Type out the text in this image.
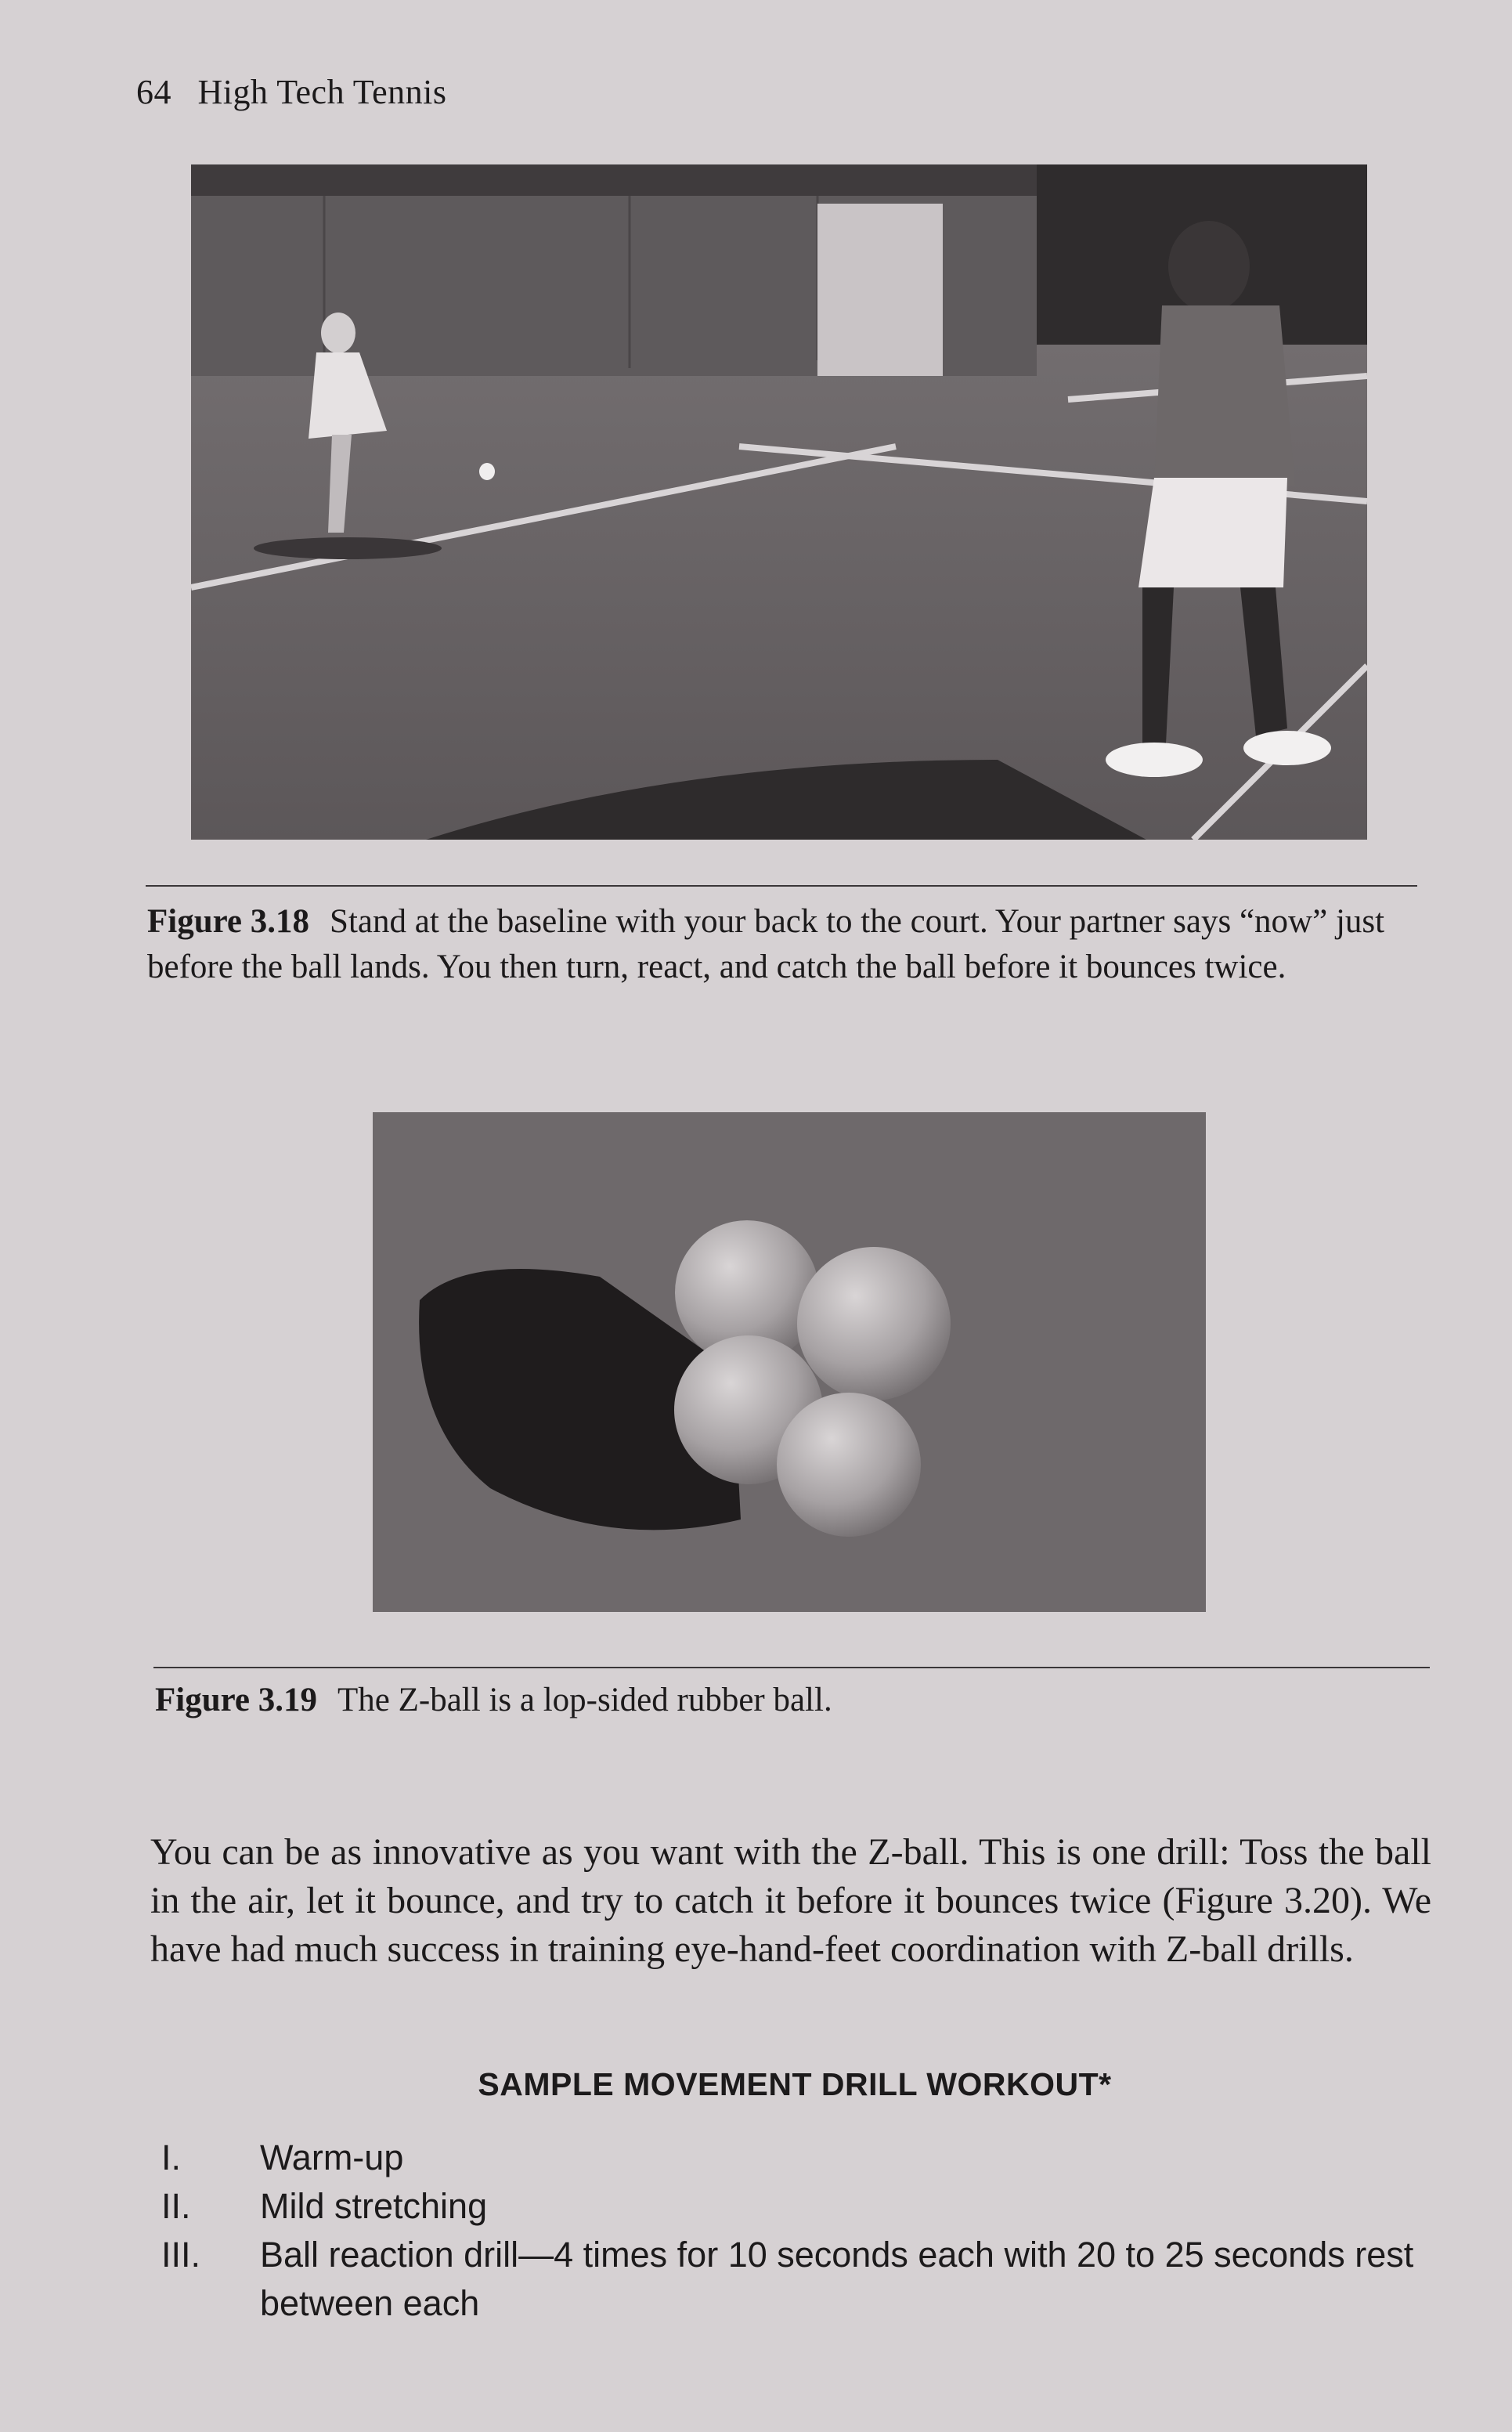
64 High Tech Tennis
Figure 3.18 Stand at the baseline with your back to the court. Your partner says “now” just before the ball lands. You then turn, react, and catch the ball before it bounces twice.
Figure 3.19 The Z-ball is a lop-sided rubber ball.
You can be as innovative as you want with the Z-ball. This is one drill: Toss the ball in the air, let it bounce, and try to catch it before it bounces twice (Figure 3.20). We have had much success in training eye-hand-feet coordination with Z-ball drills.
SAMPLE MOVEMENT DRILL WORKOUT*
I.	Warm-up
II.	Mild stretching
III.	Ball reaction drill—4 times for 10 seconds each with 20 to 25 seconds rest between each
